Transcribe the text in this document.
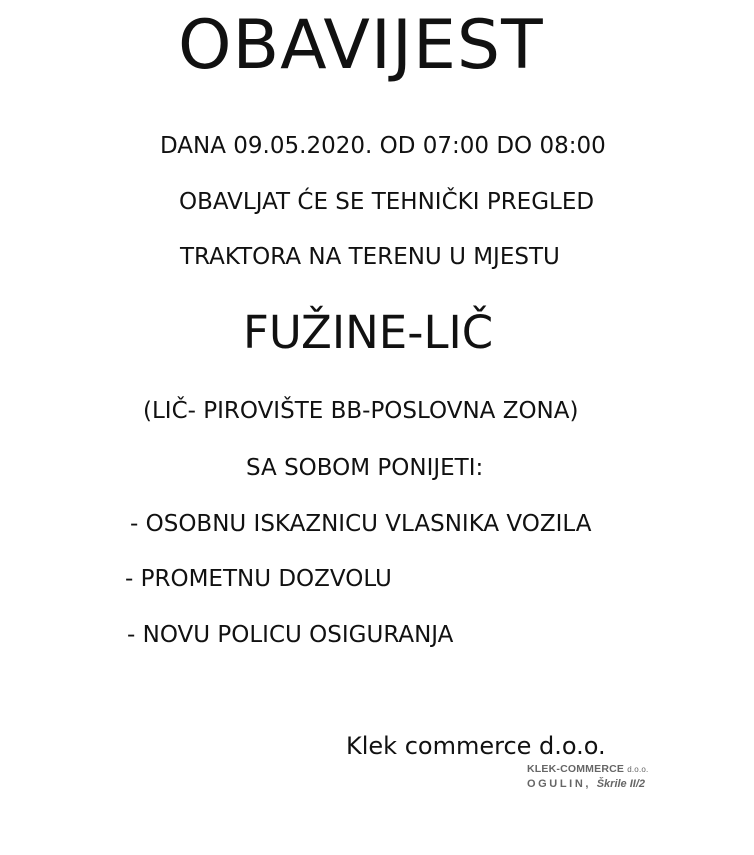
OBAVIJEST
DANA 09.05.2020. OD 07:00 DO 08:00
OBAVLJAT ĆE SE TEHNIČKI PREGLED
TRAKTORA NA TERENU U MJESTU
FUŽINE-LIČ
(LIČ- PIROVIŠTE BB-POSLOVNA ZONA)
SA SOBOM PONIJETI:
- OSOBNU ISKAZNICU VLASNIKA VOZILA
- PROMETNU DOZVOLU
- NOVU POLICU OSIGURANJA
Klek commerce d.o.o.
KLEK-COMMERCE d.o.o.
OGULIN, Škrile II/2
